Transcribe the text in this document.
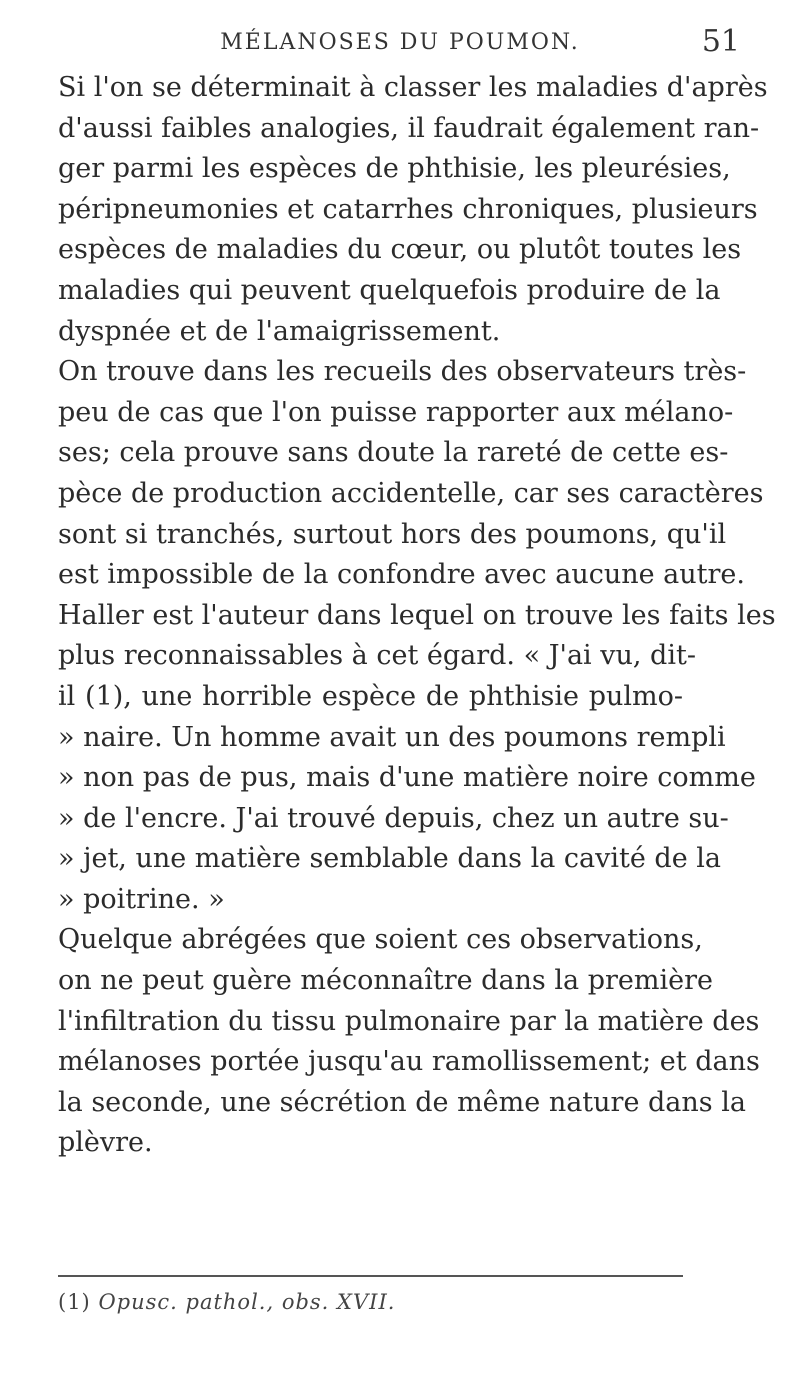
MÉLANOSES DU POUMON.	51
Si l'on se déterminait à classer les maladies d'après
d'aussi faibles analogies, il faudrait également ran-
ger parmi les espèces de phthisie, les pleurésies,
péripneumonies et catarrhes chroniques, plusieurs
espèces de maladies du cœur, ou plutôt toutes les
maladies qui peuvent quelquefois produire de la
dyspnée et de l'amaigrissement.
On trouve dans les recueils des observateurs très-
peu de cas que l'on puisse rapporter aux mélano-
ses; cela prouve sans doute la rareté de cette es-
pèce de production accidentelle, car ses caractères
sont si tranchés, surtout hors des poumons, qu'il
est impossible de la confondre avec aucune autre.
Haller est l'auteur dans lequel on trouve les faits les
plus reconnaissables à cet égard. « J'ai vu, dit-
il (1), une horrible espèce de phthisie pulmo-
» naire. Un homme avait un des poumons rempli
» non pas de pus, mais d'une matière noire comme
» de l'encre. J'ai trouvé depuis, chez un autre su-
» jet, une matière semblable dans la cavité de la
» poitrine. »
Quelque abrégées que soient ces observations,
on ne peut guère méconnaître dans la première
l'infiltration du tissu pulmonaire par la matière des
mélanoses portée jusqu'au ramollissement; et dans
la seconde, une sécrétion de même nature dans la
plèvre.
(1) Opusc. pathol., obs. XVII.
